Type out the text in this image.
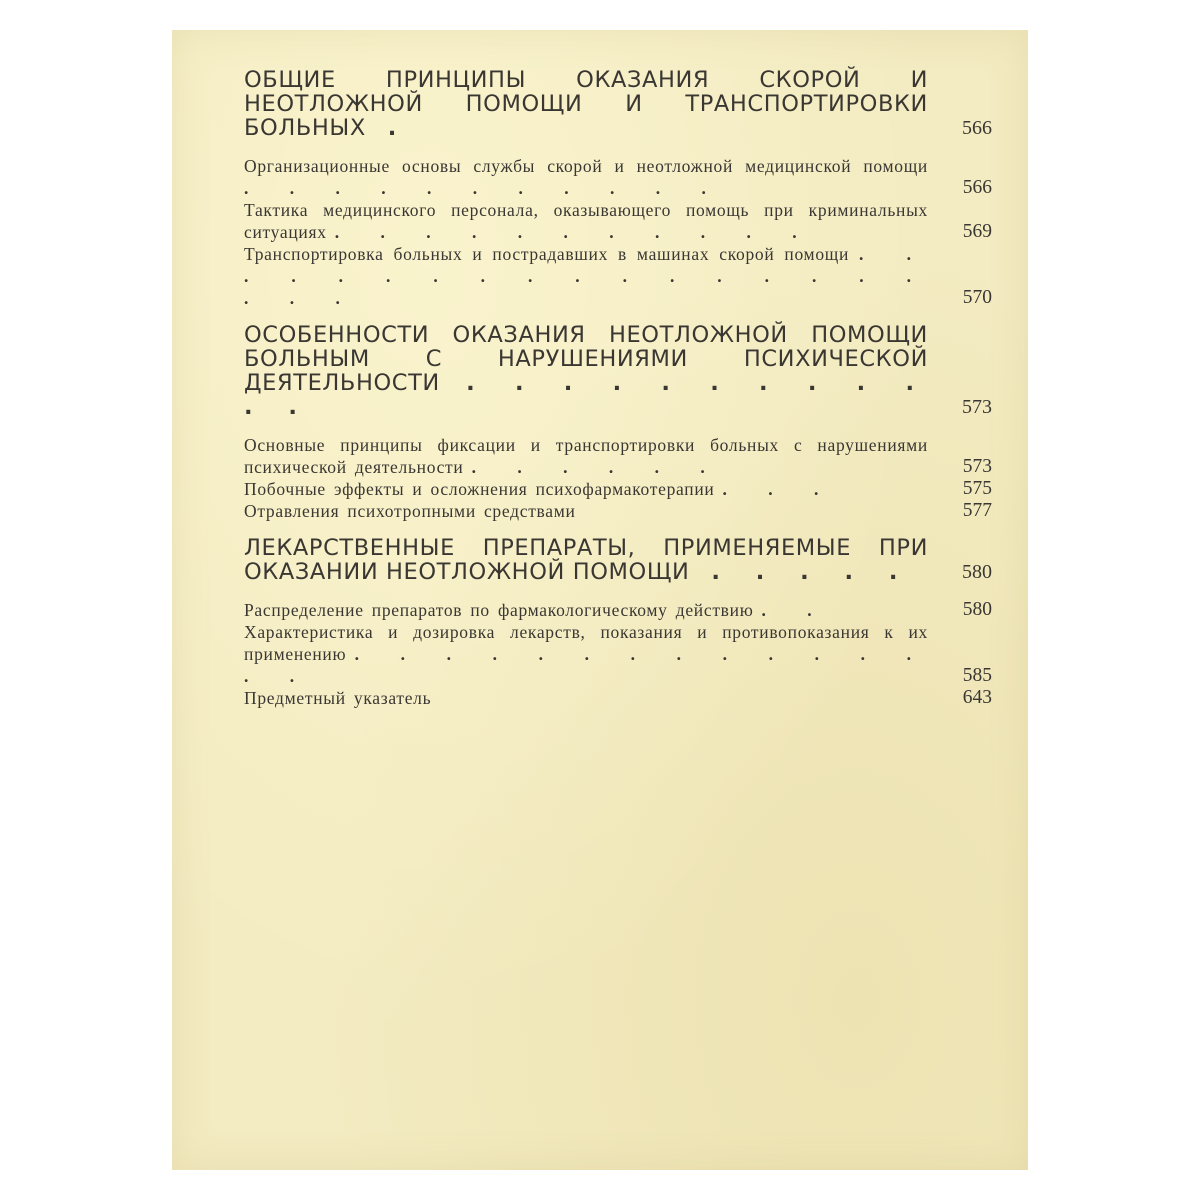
ОБЩИЕ ПРИНЦИПЫ ОКАЗАНИЯ СКОРОЙ И НЕОТЛОЖНОЙ ПОМОЩИ И ТРАНСПОРТИРОВКИ БОЛЬНЫХ .	566
Организационные основы службы скорой и неотложной медицинской помощи . . . . . . . . . . .	566
Тактика медицинского персонала, оказывающего помощь при криминальных ситуациях . . . . . . . . . . .	569
Транспортировка больных и пострадавших в машинах скорой помощи . . . . . . . . . . . . . . . . . . . .	570
ОСОБЕННОСТИ ОКАЗАНИЯ НЕОТЛОЖНОЙ ПОМОЩИ БОЛЬНЫМ С НАРУШЕНИЯМИ ПСИХИЧЕСКОЙ ДЕЯТЕЛЬНОСТИ . . . . . . . . . . . .	573
Основные принципы фиксации и транспортировки больных с нарушениями психической деятельности . . . . . .	573
Побочные эффекты и осложнения психофармакотерапии . . .	575
Отравления психотропными средствами	577
ЛЕКАРСТВЕННЫЕ ПРЕПАРАТЫ, ПРИМЕНЯЕМЫЕ ПРИ ОКАЗАНИИ НЕОТЛОЖНОЙ ПОМОЩИ . . . . .	580
Распределение препаратов по фармакологическому действию . .	580
Характеристика и дозировка лекарств, показания и противопоказания к их применению . . . . . . . . . . . . . . .	585
Предметный указатель	643
